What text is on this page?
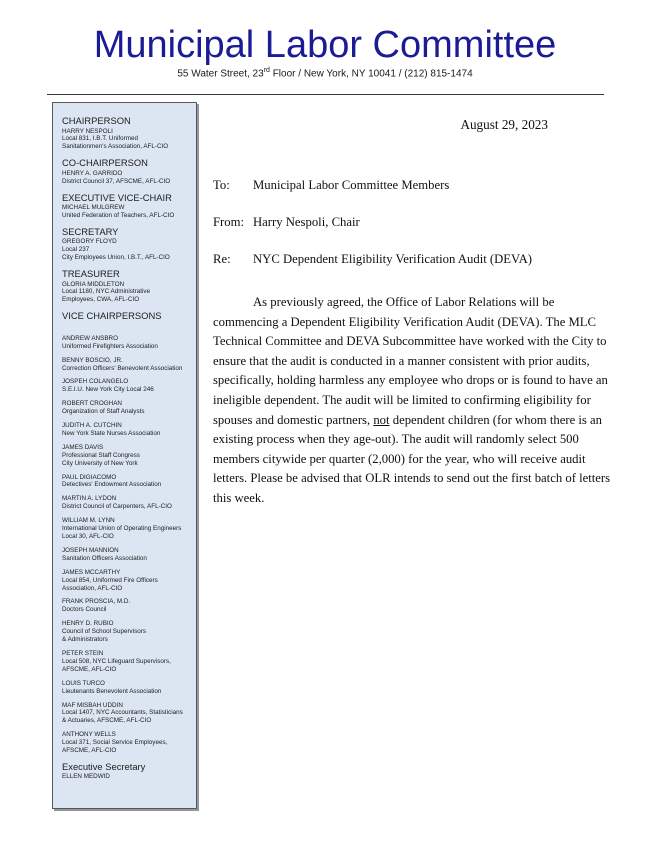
Municipal Labor Committee
55 Water Street, 23rd Floor / New York, NY 10041 / (212) 815-1474
CHAIRPERSON
HARRY NESPOLI
Local 831, I.B.T. Uniformed
Sanitationmen's Association, AFL-CIO
CO-CHAIRPERSON
HENRY A. GARRIDO
District Council 37, AFSCME, AFL-CIO
EXECUTIVE VICE-CHAIR
MICHAEL MULGREW
United Federation of Teachers, AFL-CIO
SECRETARY
GREGORY FLOYD
Local 237
City Employees Union, I.B.T., AFL-CIO
TREASURER
GLORIA MIDDLETON
Local 1180, NYC Administrative
Employees, CWA, AFL-CIO
VICE CHAIRPERSONS
ANDREW ANSBRO
Uniformed Firefighters Association
BENNY BOSCIO, JR.
Correction Officers' Benevolent Association
JOSPEH COLANGELO
S.E.I.U. New York City Local 246
ROBERT CROGHAN
Organization of Staff Analysts
JUDITH A. CUTCHIN
New York State Nurses Association
JAMES DAVIS
Professional Staff Congress
City University of New York
PAUL DIGIACOMO
Detectives' Endowment Association
MARTIN A. LYDON
District Council of Carpenters, AFL-CIO
WILLIAM M. LYNN
International Union of Operating Engineers
Local 30, AFL-CIO
JOSEPH MANNION
Sanitation Officers Association
JAMES MCCARTHY
Local 854, Uniformed Fire Officers
Association, AFL-CIO
FRANK PROSCIA, M.D.
Doctors Council
HENRY D. RUBIO
Council of School Supervisors
& Administrators
PETER STEIN
Local 508, NYC Lifeguard Supervisors,
AFSCME, AFL-CIO
LOUIS TURCO
Lieutenants Benevolent Association
MAF MISBAH UDDIN
Local 1407, NYC Accountants, Statisticians
& Actuaries, AFSCME, AFL-CIO
ANTHONY WELLS
Local 371, Social Service Employees,
AFSCME, AFL-CIO
Executive Secretary
ELLEN MEDWID
August 29, 2023
To:	Municipal Labor Committee Members
From: Harry Nespoli, Chair
Re:	NYC Dependent Eligibility Verification Audit (DEVA)

As previously agreed, the Office of Labor Relations will be commencing a Dependent Eligibility Verification Audit (DEVA). The MLC Technical Committee and DEVA Subcommittee have worked with the City to ensure that the audit is conducted in a manner consistent with prior audits, specifically, holding harmless any employee who drops or is found to have an ineligible dependent. The audit will be limited to confirming eligibility for spouses and domestic partners, not dependent children (for whom there is an existing process when they age-out). The audit will randomly select 500 members citywide per quarter (2,000) for the year, who will receive audit letters. Please be advised that OLR intends to send out the first batch of letters this week.
